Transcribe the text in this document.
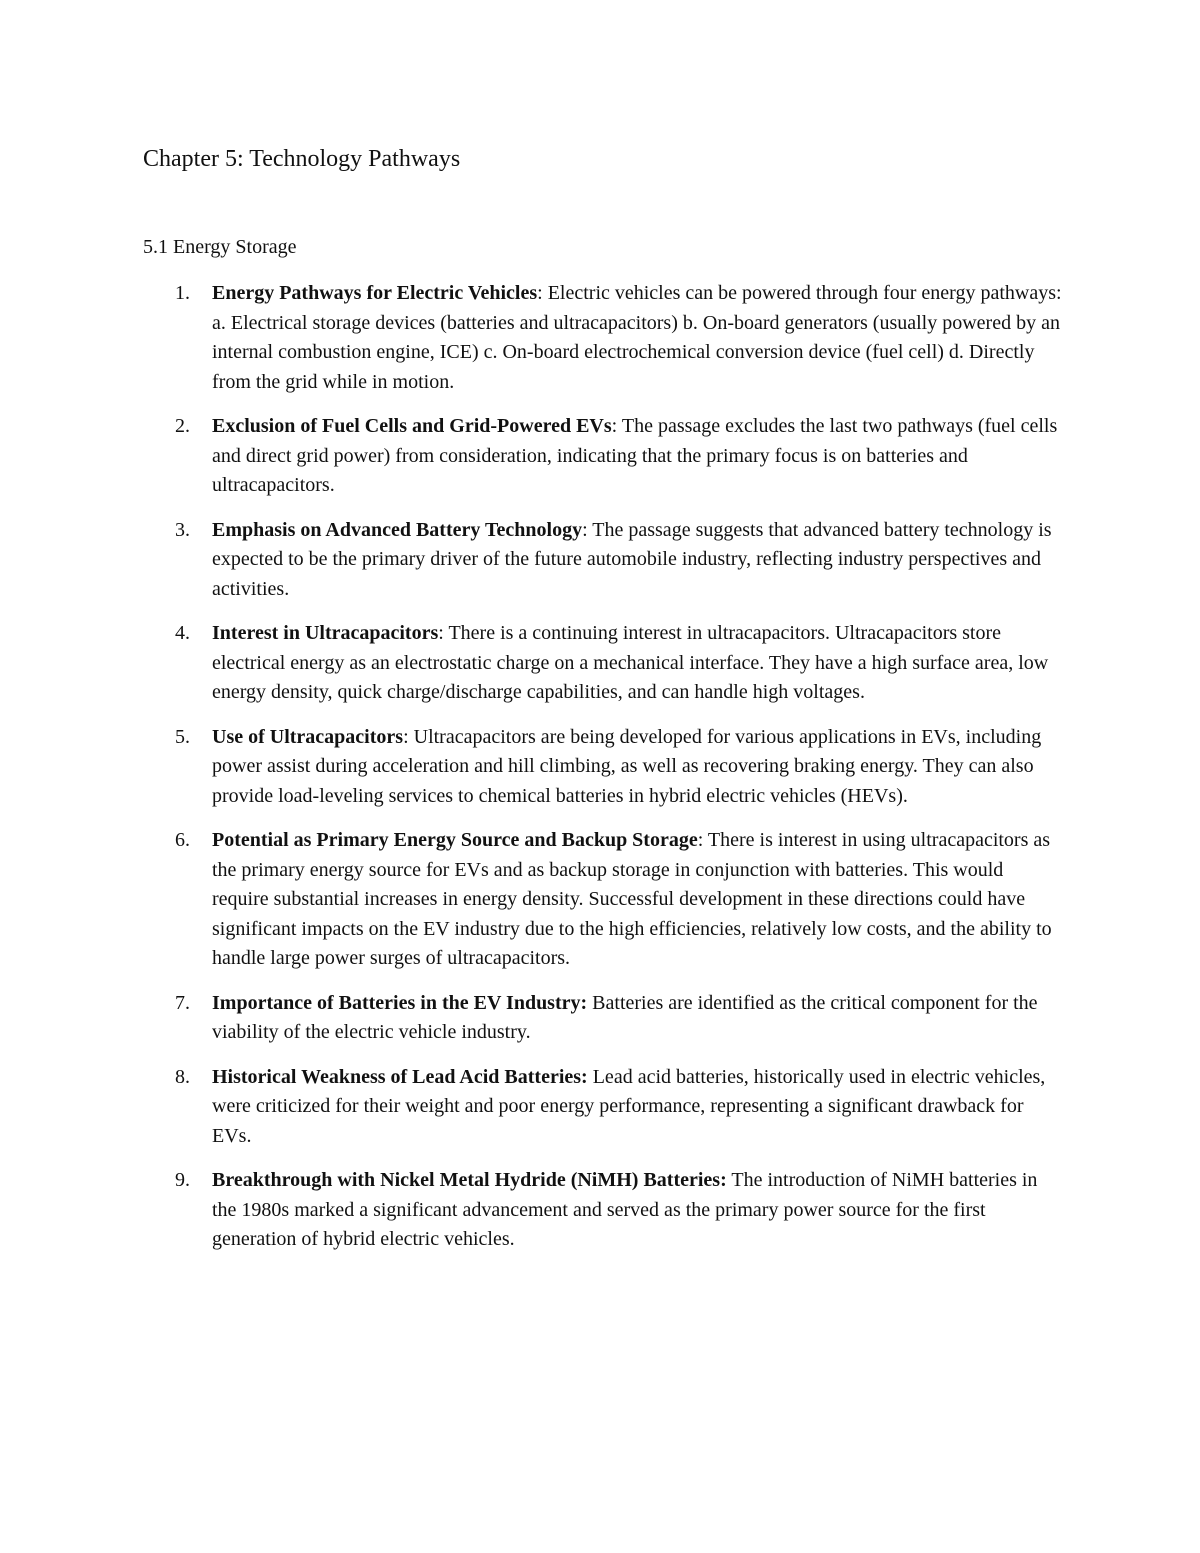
Chapter 5: Technology Pathways
5.1 Energy Storage
1. Energy Pathways for Electric Vehicles: Electric vehicles can be powered through four energy pathways: a. Electrical storage devices (batteries and ultracapacitors) b. On-board generators (usually powered by an internal combustion engine, ICE) c. On-board electrochemical conversion device (fuel cell) d. Directly from the grid while in motion.
2. Exclusion of Fuel Cells and Grid-Powered EVs: The passage excludes the last two pathways (fuel cells and direct grid power) from consideration, indicating that the primary focus is on batteries and ultracapacitors.
3. Emphasis on Advanced Battery Technology: The passage suggests that advanced battery technology is expected to be the primary driver of the future automobile industry, reflecting industry perspectives and activities.
4. Interest in Ultracapacitors: There is a continuing interest in ultracapacitors. Ultracapacitors store electrical energy as an electrostatic charge on a mechanical interface. They have a high surface area, low energy density, quick charge/discharge capabilities, and can handle high voltages.
5. Use of Ultracapacitors: Ultracapacitors are being developed for various applications in EVs, including power assist during acceleration and hill climbing, as well as recovering braking energy. They can also provide load-leveling services to chemical batteries in hybrid electric vehicles (HEVs).
6. Potential as Primary Energy Source and Backup Storage: There is interest in using ultracapacitors as the primary energy source for EVs and as backup storage in conjunction with batteries. This would require substantial increases in energy density. Successful development in these directions could have significant impacts on the EV industry due to the high efficiencies, relatively low costs, and the ability to handle large power surges of ultracapacitors.
7. Importance of Batteries in the EV Industry: Batteries are identified as the critical component for the viability of the electric vehicle industry.
8. Historical Weakness of Lead Acid Batteries: Lead acid batteries, historically used in electric vehicles, were criticized for their weight and poor energy performance, representing a significant drawback for EVs.
9. Breakthrough with Nickel Metal Hydride (NiMH) Batteries: The introduction of NiMH batteries in the 1980s marked a significant advancement and served as the primary power source for the first generation of hybrid electric vehicles.
